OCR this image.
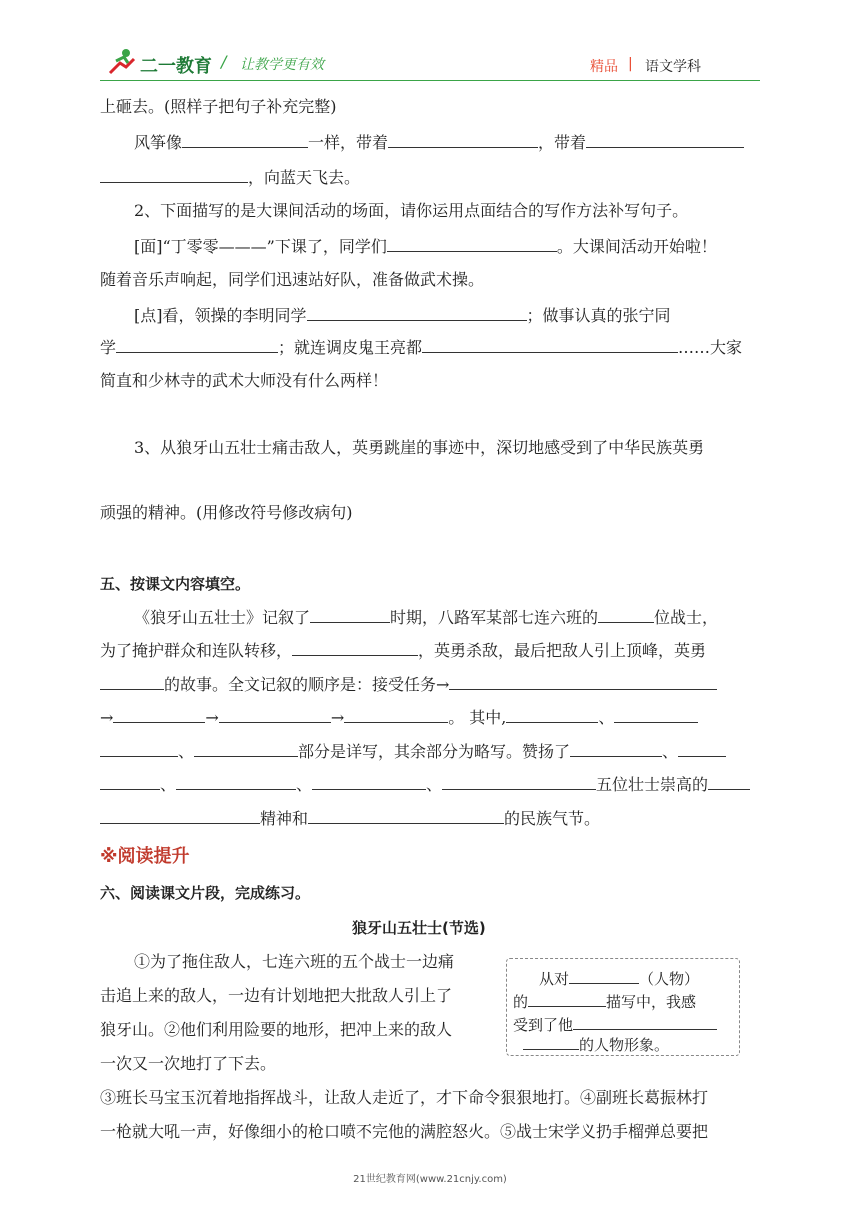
二一教育 / 让教学更有效	精品 | 语文学科
上砸去。(照样子把句子补充完整)
风筝像	一样，带着	，带着
，向蓝天飞去。
2、下面描写的是大课间活动的场面，请你运用点面结合的写作方法补写句子。
[面]“丁零零———”下课了，同学们	。大课间活动开始啦！
随着音乐声响起，同学们迅速站好队，准备做武术操。
[点]看，领操的李明同学	；做事认真的张宁同
学	；就连调皮鬼王亮都	……大家
简直和少林寺的武术大师没有什么两样！
3、从狼牙山五壮士痛击敌人，英勇跳崖的事迹中，深切地感受到了中华民族英勇
顽强的精神。(用修改符号修改病句)
五、按课文内容填空。
《狼牙山五壮士》记叙了	时期，八路军某部七连六班的	位战士，
为了掩护群众和连队转移，	，英勇杀敌，最后把敌人引上顶峰，英勇
的故事。全文记叙的顺序是：接受任务→
→	→	→	。 其中,	、
、	部分是详写，其余部分为略写。赞扬了	、
、	、	、	五位壮士崇高的
精神和	的民族气节。
※阅读提升
六、阅读课文片段，完成练习。
狼牙山五壮士(节选)
①为了拖住敌人，七连六班的五个战士一边痛
击追上来的敌人，一边有计划地把大批敌人引上了
狼牙山。②他们利用险要的地形，把冲上来的敌人
一次又一次地打了下去。
③班长马宝玉沉着地指挥战斗，让敌人走近了，才下命令狠狠地打。④副班长葛振林打
一枪就大吼一声，好像细小的枪口喷不完他的满腔怒火。⑤战士宋学义扔手榴弹总要把
从对	（人物）
的	描写中，我感
受到了他
的人物形象。
21世纪教育网(www.21cnjy.com)
